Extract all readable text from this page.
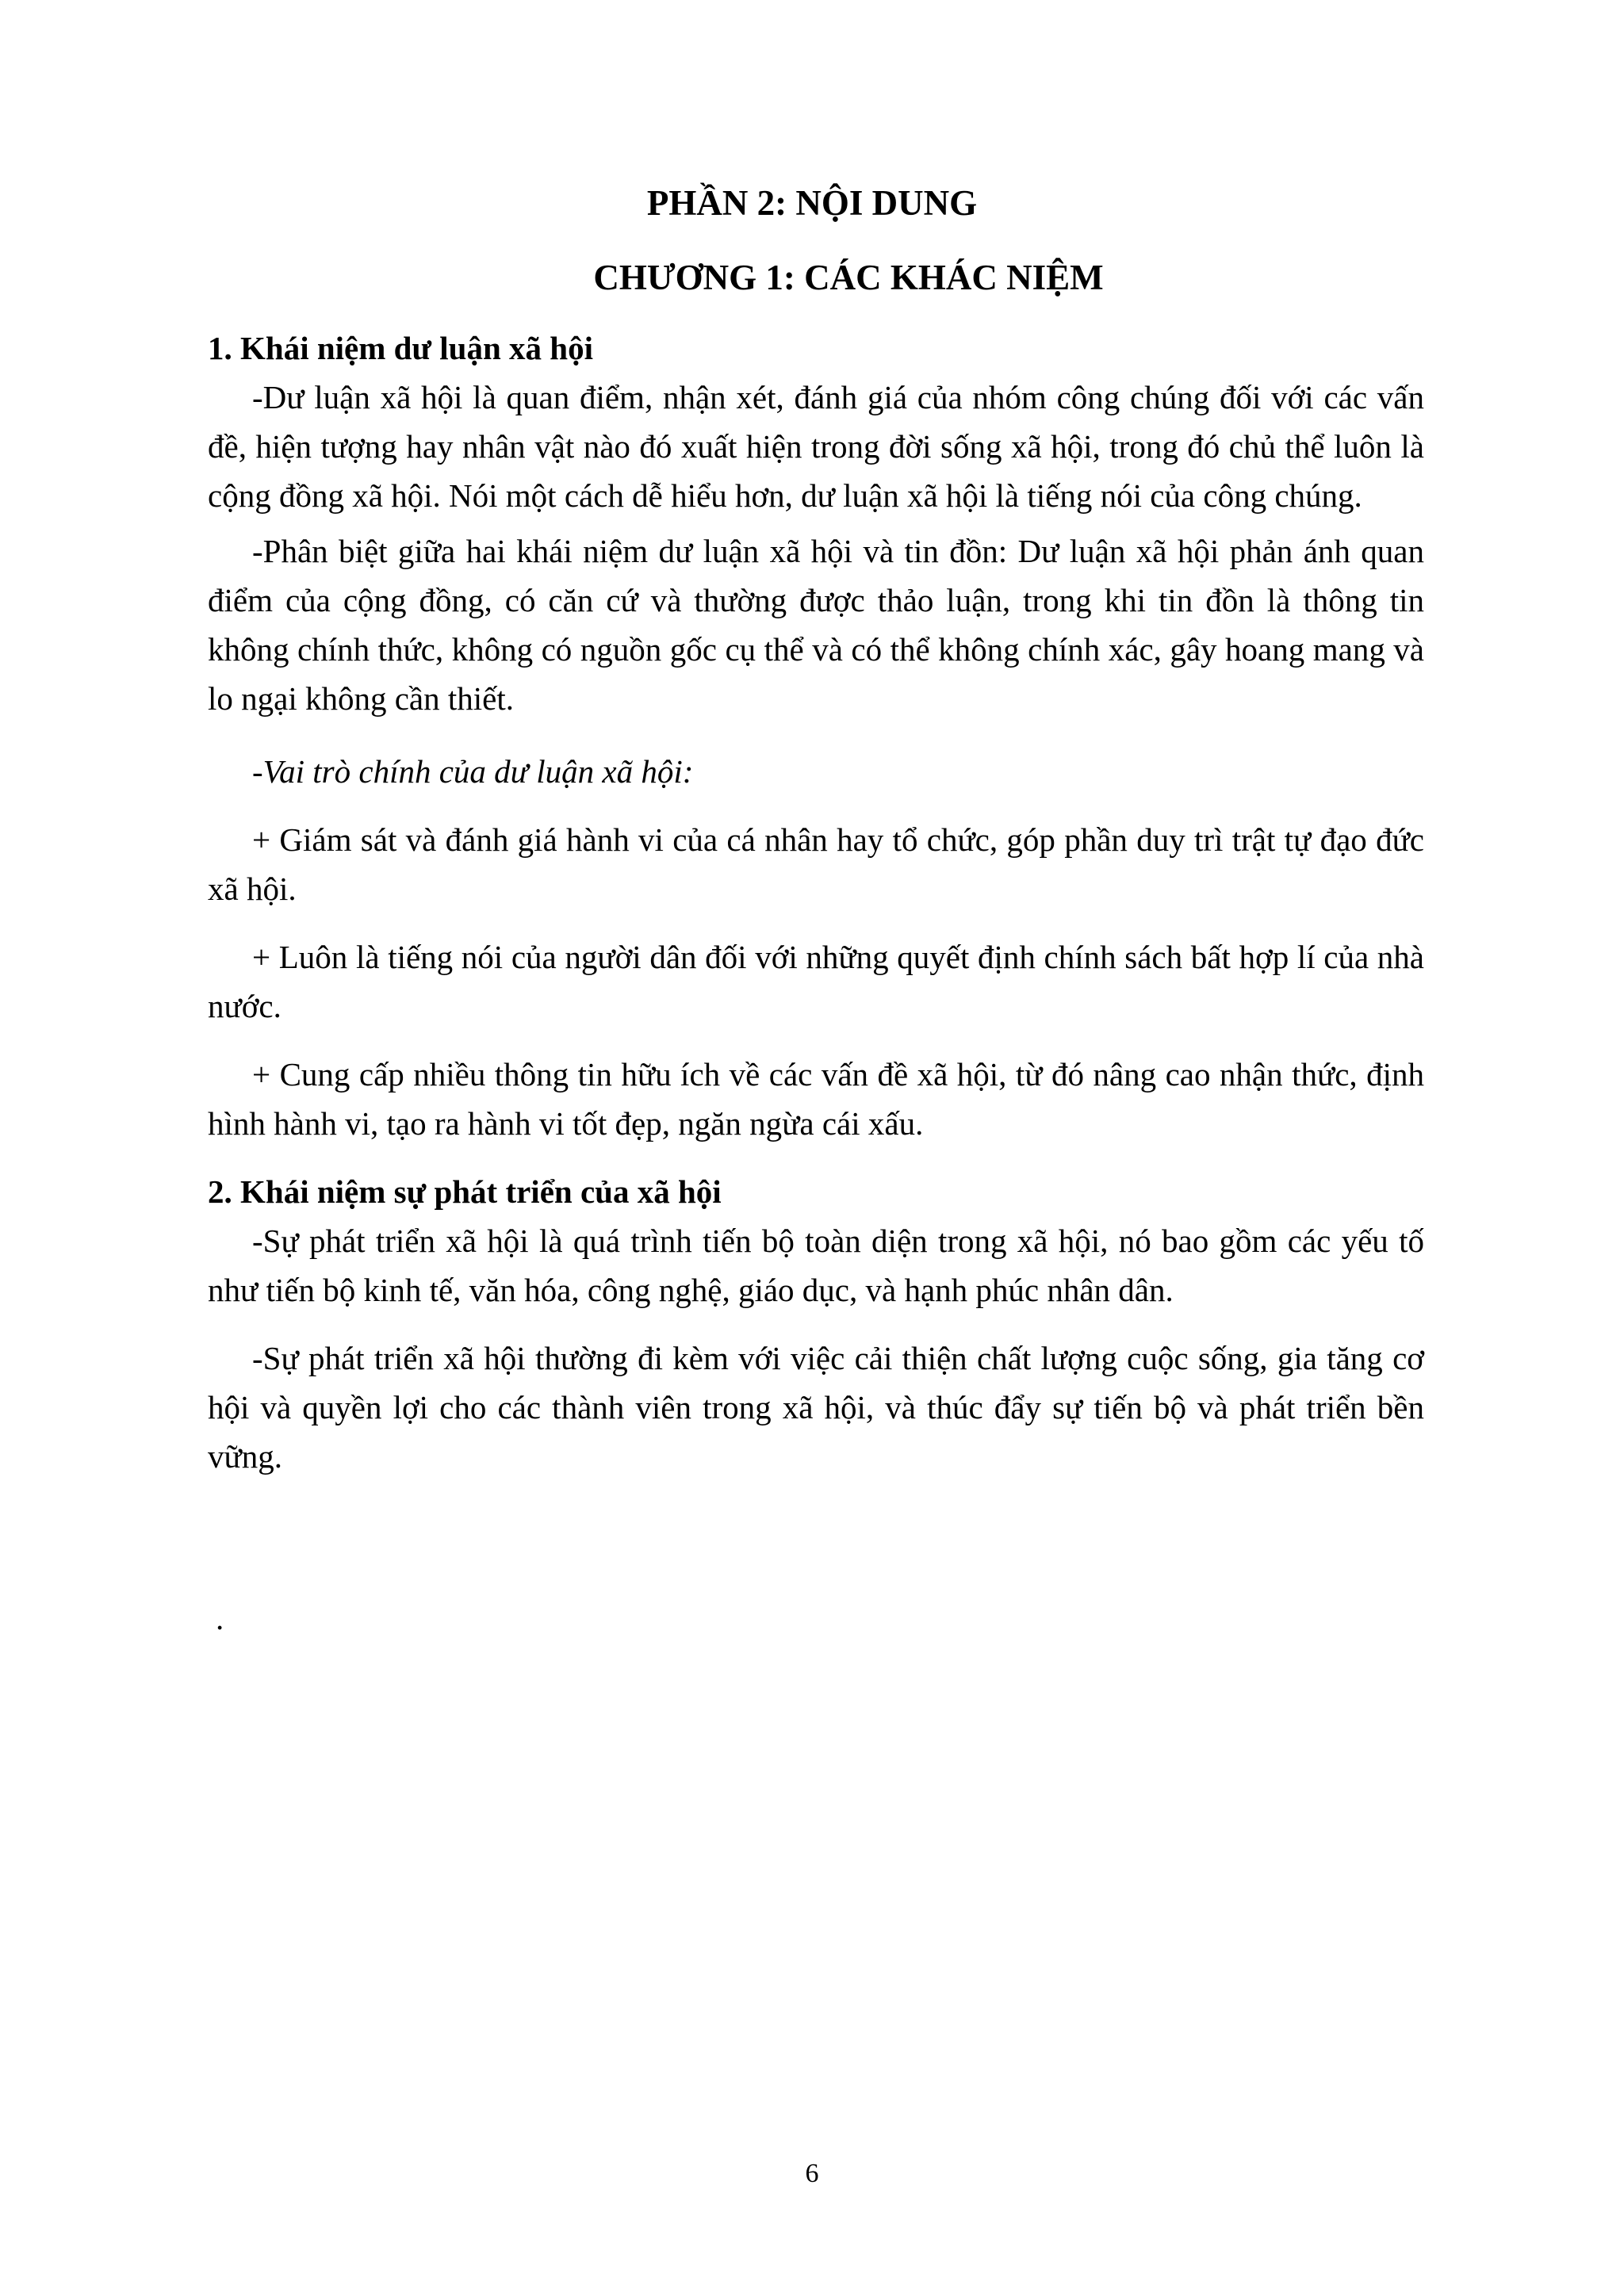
PHẦN 2: NỘI DUNG
CHƯƠNG 1: CÁC KHÁC NIỆM
1. Khái niệm dư luận xã hội

-Dư luận xã hội là quan điểm, nhận xét, đánh giá của nhóm công chúng đối với các vấn đề, hiện tượng hay nhân vật nào đó xuất hiện trong đời sống xã hội, trong đó chủ thể luôn là cộng đồng xã hội. Nói một cách dễ hiểu hơn, dư luận xã hội là tiếng nói của công chúng.

-Phân biệt giữa hai khái niệm dư luận xã hội và tin đồn: Dư luận xã hội phản ánh quan điểm của cộng đồng, có căn cứ và thường được thảo luận, trong khi tin đồn là thông tin không chính thức, không có nguồn gốc cụ thể và có thể không chính xác, gây hoang mang và lo ngại không cần thiết.

-Vai trò chính của dư luận xã hội:

+ Giám sát và đánh giá hành vi của cá nhân hay tổ chức, góp phần duy trì trật tự đạo đức xã hội.

+ Luôn là tiếng nói của người dân đối với những quyết định chính sách bất hợp lí của nhà nước.

+ Cung cấp nhiều thông tin hữu ích về các vấn đề xã hội, từ đó nâng cao nhận thức, định hình hành vi, tạo ra hành vi tốt đẹp, ngăn ngừa cái xấu.

2. Khái niệm sự phát triển của xã hội

-Sự phát triển xã hội là quá trình tiến bộ toàn diện trong xã hội, nó bao gồm các yếu tố như tiến bộ kinh tế, văn hóa, công nghệ, giáo dục, và hạnh phúc nhân dân.

-Sự phát triển xã hội thường đi kèm với việc cải thiện chất lượng cuộc sống, gia tăng cơ hội và quyền lợi cho các thành viên trong xã hội, và thúc đẩy sự tiến bộ và phát triển bền vững.

.
6
